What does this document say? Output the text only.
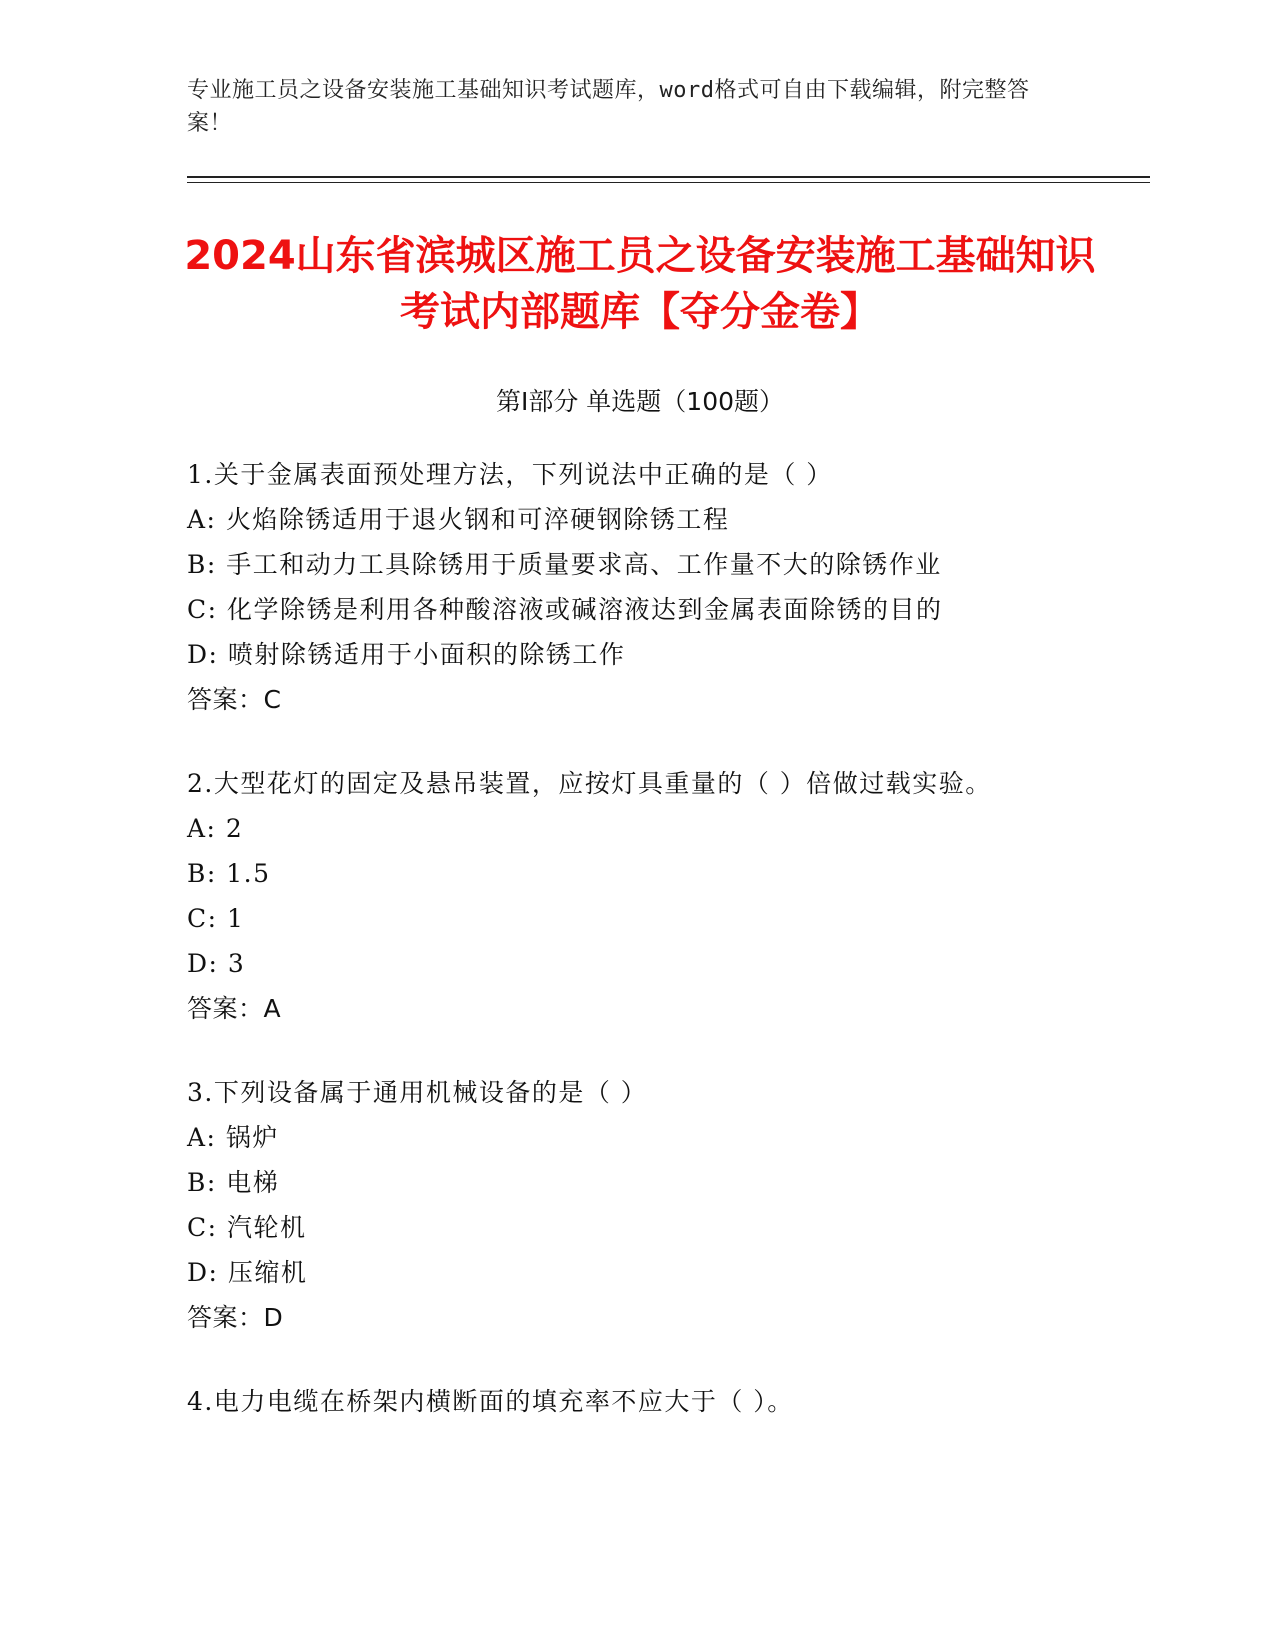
专业施工员之设备安装施工基础知识考试题库，word格式可自由下载编辑，附完整答案！
2024山东省滨城区施工员之设备安装施工基础知识考试内部题库【夺分金卷】
第Ⅰ部分 单选题（100题）
1.关于金属表面预处理方法，下列说法中正确的是（ ）
A: 火焰除锈适用于退火钢和可淬硬钢除锈工程
B: 手工和动力工具除锈用于质量要求高、工作量不大的除锈作业
C: 化学除锈是利用各种酸溶液或碱溶液达到金属表面除锈的目的
D: 喷射除锈适用于小面积的除锈工作
答案：C
2.大型花灯的固定及悬吊装置，应按灯具重量的（ ）倍做过载实验。
A: 2
B: 1.5
C: 1
D: 3
答案：A
3.下列设备属于通用机械设备的是（ ）
A: 锅炉
B: 电梯
C: 汽轮机
D: 压缩机
答案：D
4.电力电缆在桥架内横断面的填充率不应大于（ ）。
